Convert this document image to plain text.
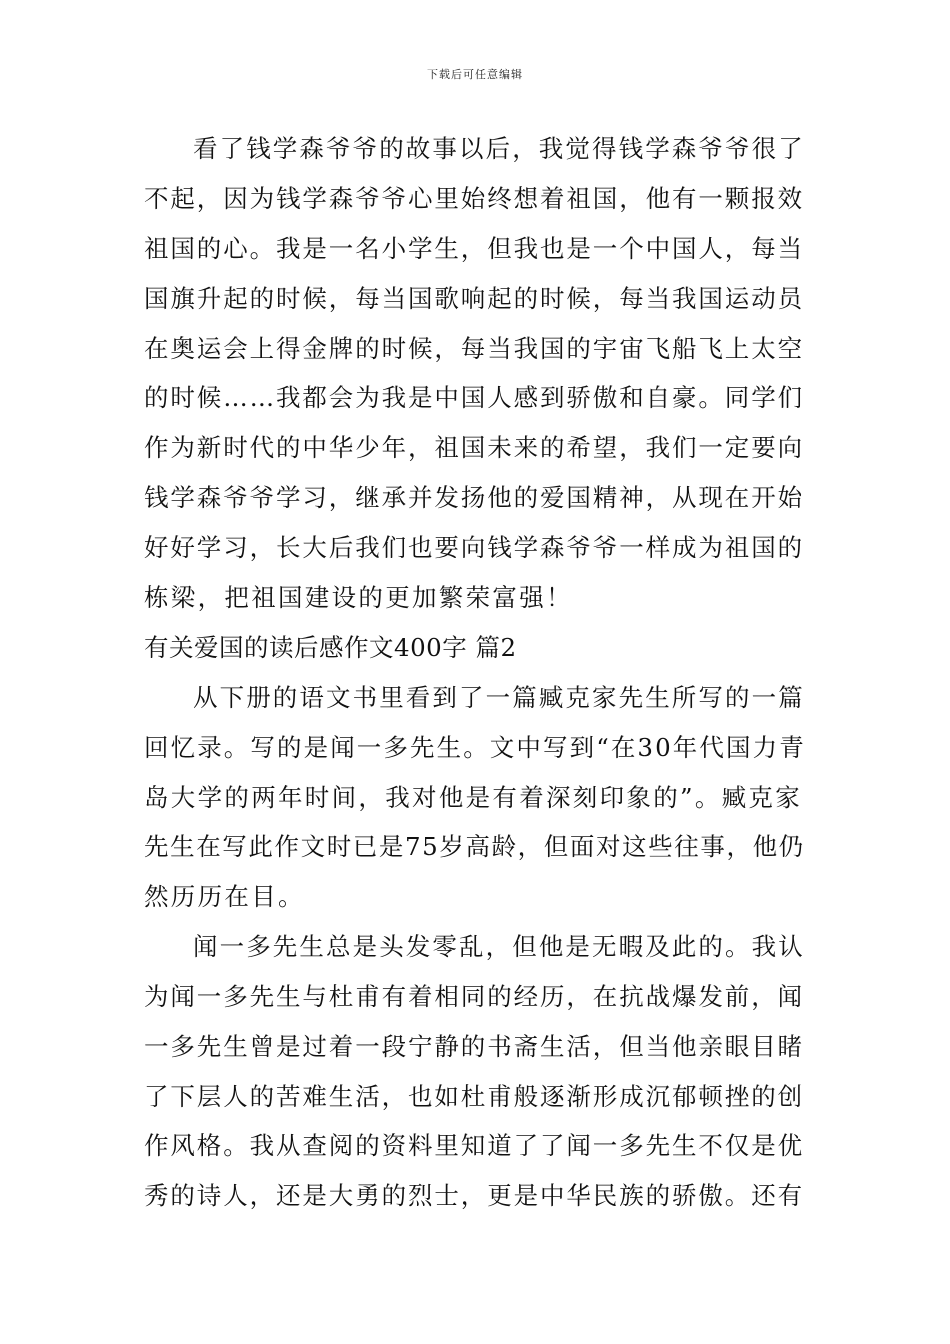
下载后可任意编辑
看了钱学森爷爷的故事以后，我觉得钱学森爷爷很了
不起，因为钱学森爷爷心里始终想着祖国，他有一颗报效
祖国的心。我是一名小学生，但我也是一个中国人，每当
国旗升起的时候，每当国歌响起的时候，每当我国运动员
在奥运会上得金牌的时候，每当我国的宇宙飞船飞上太空
的时候……我都会为我是中国人感到骄傲和自豪。同学们
作为新时代的中华少年，祖国未来的希望，我们一定要向
钱学森爷爷学习，继承并发扬他的爱国精神，从现在开始
好好学习，长大后我们也要向钱学森爷爷一样成为祖国的
栋梁，把祖国建设的更加繁荣富强！
有关爱国的读后感作文400字 篇2
从下册的语文书里看到了一篇臧克家先生所写的一篇
回忆录。写的是闻一多先生。文中写到“在30年代国力青
岛大学的两年时间，我对他是有着深刻印象的”。臧克家
先生在写此作文时已是75岁高龄，但面对这些往事，他仍
然历历在目。
闻一多先生总是头发零乱，但他是无暇及此的。我认
为闻一多先生与杜甫有着相同的经历，在抗战爆发前，闻
一多先生曾是过着一段宁静的书斋生活，但当他亲眼目睹
了下层人的苦难生活，也如杜甫般逐渐形成沉郁顿挫的创
作风格。我从查阅的资料里知道了了闻一多先生不仅是优
秀的诗人，还是大勇的烈士，更是中华民族的骄傲。还有
